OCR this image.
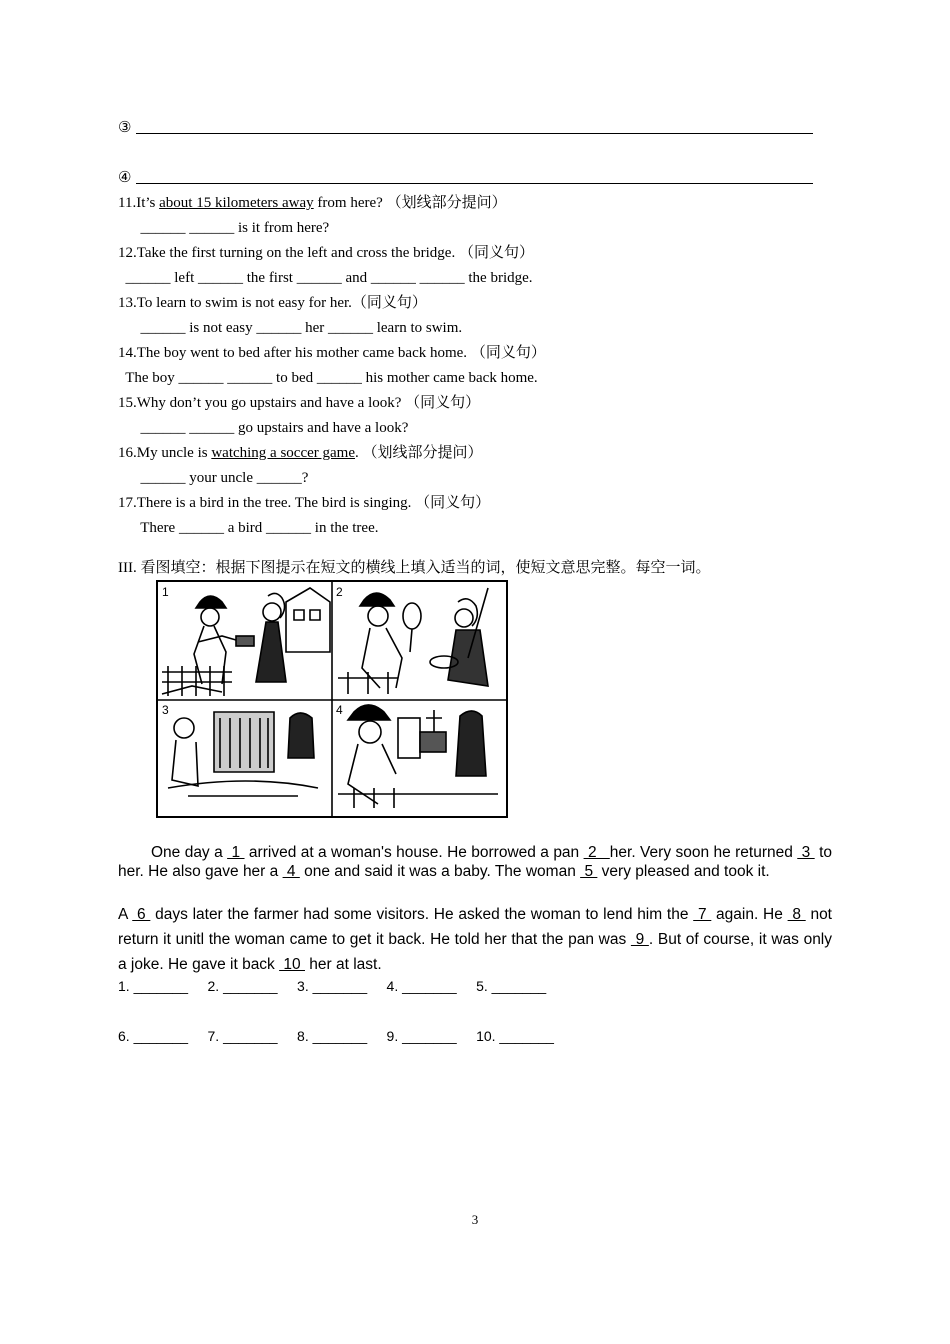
③
④
11.It’s about 15 kilometers away from here? （划线部分提问）
______ ______ is it from here?
12.Take the first turning on the left and cross the bridge. （同义句）
______ left ______ the first ______ and ______ ______ the bridge.
13.To learn to swim is not easy for her.（同义句）
______ is not easy ______ her ______ learn to swim.
14.The boy went to bed after his mother came back home. （同义句）
The boy ______ ______ to bed ______ his mother came back home.
15.Why don’t you go upstairs and have a look? （同义句）
______ ______ go upstairs and have a look?
16.My uncle is watching a soccer game. （划线部分提问）
______ your uncle ______?
17.There is a bird in the tree. The bird is singing. （同义句）
There ______ a bird ______ in the tree.
III. 看图填空：根据下图提示在短文的横线上填入适当的词，使短文意思完整。每空一词。
1	2
3	4
One day a  1  arrived at a woman's house. He borrowed a pan  2   her. Very soon he returned  3  to her. He also gave her a  4  one and said it was a baby. The woman  5  very pleased and took it.
A  6  days later the farmer had some visitors. He asked the woman to lend him the  7  again. He  8  not return it unitl the woman came to get it back. He told her that the pan was  9 . But of course, it was only a joke. He gave it back  10  her at last.
1. _______     2. _______     3. _______     4. _______     5. _______
6. _______     7. _______     8. _______     9. _______     10. _______
3
